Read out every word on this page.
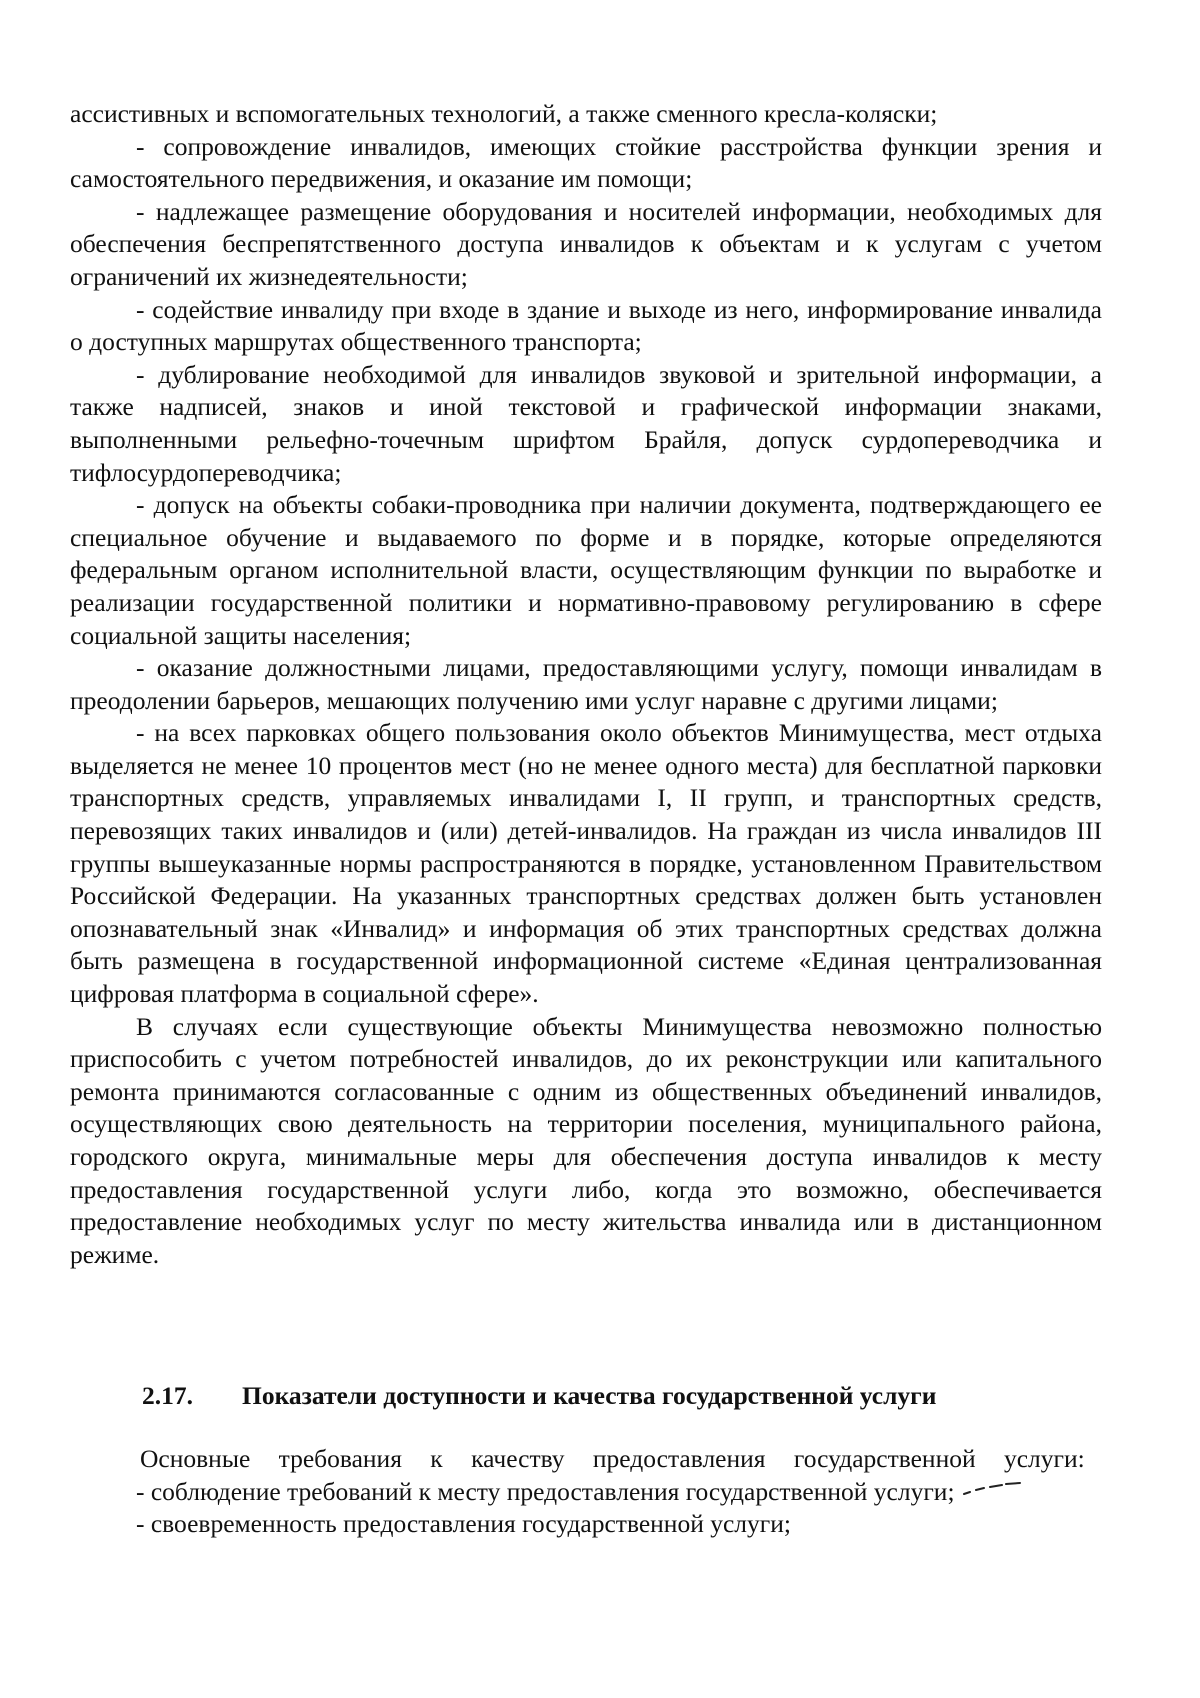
ассистивных и вспомогательных технологий, а также сменного кресла-коляски;

- сопровождение инвалидов, имеющих стойкие расстройства функции зрения и самостоятельного передвижения, и оказание им помощи;

- надлежащее размещение оборудования и носителей информации, необходимых для обеспечения беспрепятственного доступа инвалидов к объектам и к услугам с учетом ограничений их жизнедеятельности;

- содействие инвалиду при входе в здание и выходе из него, информирование инвалида о доступных маршрутах общественного транспорта;

- дублирование необходимой для инвалидов звуковой и зрительной информации, а также надписей, знаков и иной текстовой и графической информации знаками, выполненными рельефно-точечным шрифтом Брайля, допуск сурдопереводчика и тифлосурдопереводчика;

- допуск на объекты собаки-проводника при наличии документа, подтверждающего ее специальное обучение и выдаваемого по форме и в порядке, которые определяются федеральным органом исполнительной власти, осуществляющим функции по выработке и реализации государственной политики и нормативно-правовому регулированию в сфере социальной защиты населения;

- оказание должностными лицами, предоставляющими услугу, помощи инвалидам в преодолении барьеров, мешающих получению ими услуг наравне с другими лицами;

- на всех парковках общего пользования около объектов Минимущества, мест отдыха выделяется не менее 10 процентов мест (но не менее одного места) для бесплатной парковки транспортных средств, управляемых инвалидами I, II групп, и транспортных средств, перевозящих таких инвалидов и (или) детей-инвалидов. На граждан из числа инвалидов III группы вышеуказанные нормы распространяются в порядке, установленном Правительством Российской Федерации. На указанных транспортных средствах должен быть установлен опознавательный знак «Инвалид» и информация об этих транспортных средствах должна быть размещена в государственной информационной системе «Единая централизованная цифровая платформа в социальной сфере».

В случаях если существующие объекты Минимущества невозможно полностью приспособить с учетом потребностей инвалидов, до их реконструкции или капитального ремонта принимаются согласованные с одним из общественных объединений инвалидов, осуществляющих свою деятельность на территории поселения, муниципального района, городского округа, минимальные меры для обеспечения доступа инвалидов к месту предоставления государственной услуги либо, когда это возможно, обеспечивается предоставление необходимых услуг по месту жительства инвалида или в дистанционном режиме.

2.17. Показатели доступности и качества государственной услуги

Основные требования к качеству предоставления государственной услуги:

- соблюдение требований к месту предоставления государственной услуги;

- своевременность предоставления государственной услуги;
